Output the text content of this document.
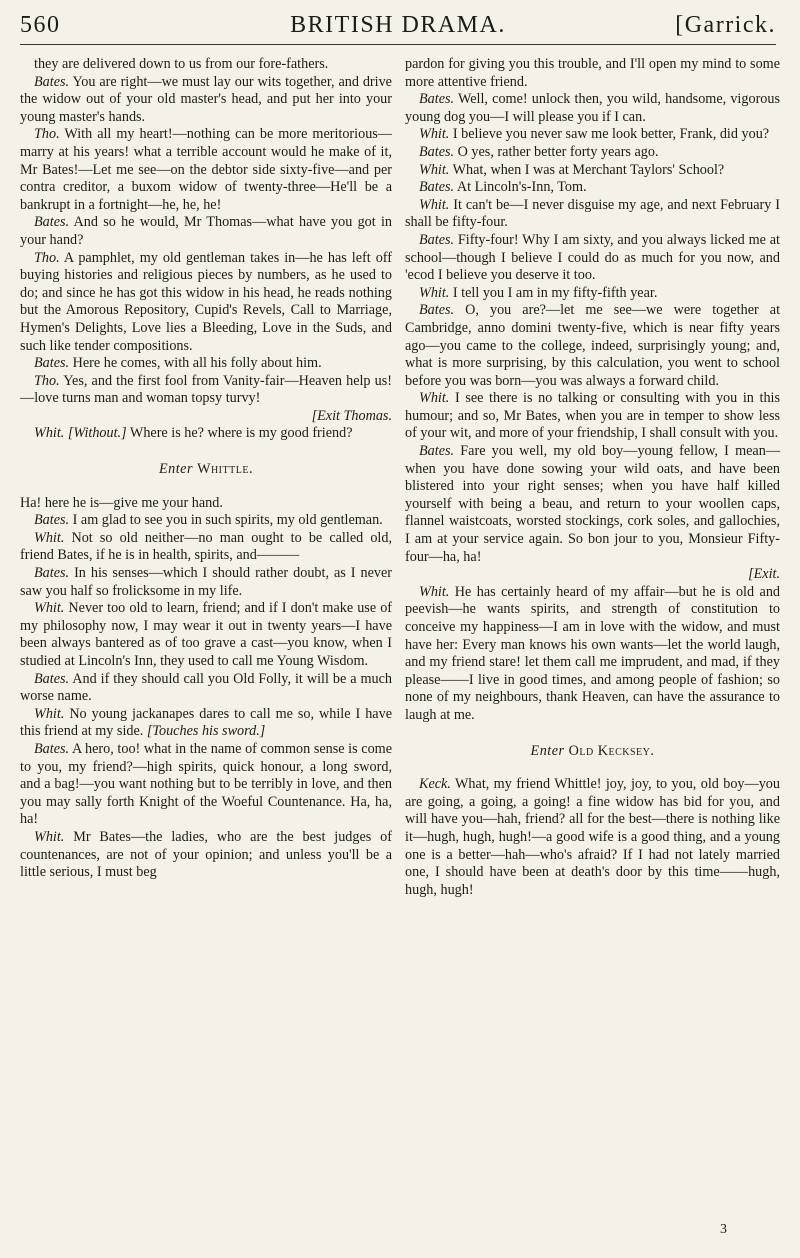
560	BRITISH DRAMA.	[Garrick.

they are delivered down to us from our fore-fathers.

Bates. You are right—we must lay our wits together, and drive the widow out of your old master's head, and put her into your young master's hands.

Tho. With all my heart!—nothing can be more meritorious—marry at his years! what a terrible account would he make of it, Mr Bates!—Let me see—on the debtor side sixty-five—and per contra creditor, a buxom widow of twenty-three—He'll be a bankrupt in a fortnight—he, he, he!

Bates. And so he would, Mr Thomas—what have you got in your hand?

Tho. A pamphlet, my old gentleman takes in—he has left off buying histories and religious pieces by numbers, as he used to do; and since he has got this widow in his head, he reads nothing but the Amorous Repository, Cupid's Revels, Call to Marriage, Hymen's Delights, Love lies a Bleeding, Love in the Suds, and such like tender compositions.

Bates. Here he comes, with all his folly about him.

Tho. Yes, and the first fool from Vanity-fair—Heaven help us!—love turns man and woman topsy turvy!
[Exit Thomas.

Whit. [Without.] Where is he? where is my good friend?

Enter Whittle.

Ha! here he is—give me your hand.

Bates. I am glad to see you in such spirits, my old gentleman.

Whit. Not so old neither—no man ought to be called old, friend Bates, if he is in health, spirits, and———

Bates. In his senses—which I should rather doubt, as I never saw you half so frolicksome in my life.

Whit. Never too old to learn, friend; and if I don't make use of my philosophy now, I may wear it out in twenty years—I have been always bantered as of too grave a cast—you know, when I studied at Lincoln's Inn, they used to call me Young Wisdom.

Bates. And if they should call you Old Folly, it will be a much worse name.

Whit. No young jackanapes dares to call me so, while I have this friend at my side. [Touches his sword.]

Bates. A hero, too! what in the name of common sense is come to you, my friend?—high spirits, quick honour, a long sword, and a bag!—you want nothing but to be terribly in love, and then you may sally forth Knight of the Woeful Countenance. Ha, ha, ha!

Whit. Mr Bates—the ladies, who are the best judges of countenances, are not of your opinion; and unless you'll be a little serious, I must beg

pardon for giving you this trouble, and I'll open my mind to some more attentive friend.

Bates. Well, come! unlock then, you wild, handsome, vigorous young dog you—I will please you if I can.

Whit. I believe you never saw me look better, Frank, did you?

Bates. O yes, rather better forty years ago.

Whit. What, when I was at Merchant Taylors' School?

Bates. At Lincoln's-Inn, Tom.

Whit. It can't be—I never disguise my age, and next February I shall be fifty-four.

Bates. Fifty-four! Why I am sixty, and you always licked me at school—though I believe I could do as much for you now, and 'ecod I believe you deserve it too.

Whit. I tell you I am in my fifty-fifth year.

Bates. O, you are?—let me see—we were together at Cambridge, anno domini twenty-five, which is near fifty years ago—you came to the college, indeed, surprisingly young; and, what is more surprising, by this calculation, you went to school before you was born—you was always a forward child.

Whit. I see there is no talking or consulting with you in this humour; and so, Mr Bates, when you are in temper to show less of your wit, and more of your friendship, I shall consult with you.

Bates. Fare you well, my old boy—young fellow, I mean—when you have done sowing your wild oats, and have been blistered into your right senses; when you have half killed yourself with being a beau, and return to your woollen caps, flannel waistcoats, worsted stockings, cork soles, and gallochies, I am at your service again. So bon jour to you, Monsieur Fifty-four—ha, ha!
[Exit.

Whit. He has certainly heard of my affair—but he is old and peevish—he wants spirits, and strength of constitution to conceive my happiness—I am in love with the widow, and must have her: Every man knows his own wants—let the world laugh, and my friend stare! let them call me imprudent, and mad, if they please——I live in good times, and among people of fashion; so none of my neighbours, thank Heaven, can have the assurance to laugh at me.

Enter Old Kecksey.

Keck. What, my friend Whittle! joy, joy, to you, old boy—you are going, a going, a going! a fine widow has bid for you, and will have you—hah, friend? all for the best—there is nothing like it—hugh, hugh, hugh!—a good wife is a good thing, and a young one is a better—hah—who's afraid? If I had not lately married one, I should have been at death's door by this time——hugh, hugh, hugh!

3
